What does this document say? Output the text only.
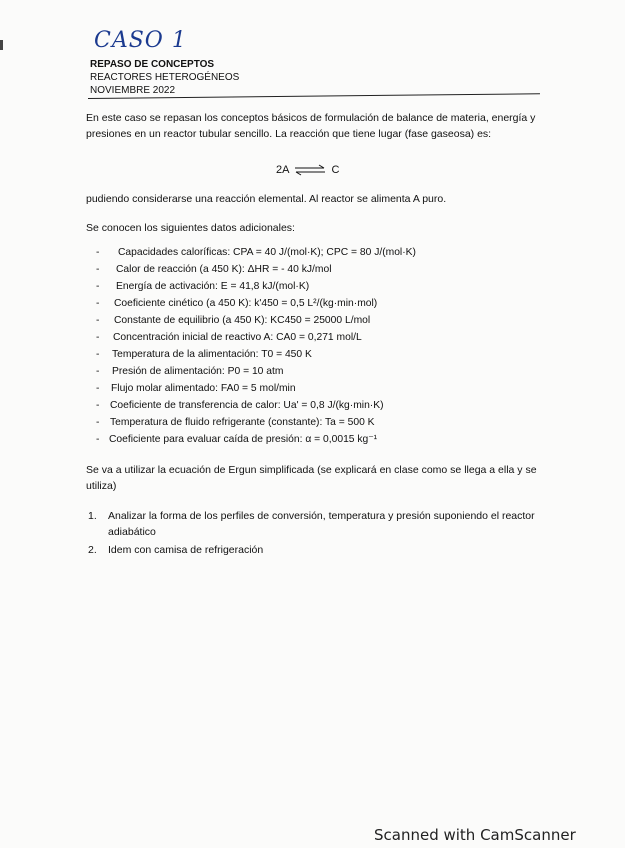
CASO 1
REPASO DE CONCEPTOS
REACTORES HETEROGÉNEOS
NOVIEMBRE 2022

En este caso se repasan los conceptos básicos de formulación de balance de materia, energía y presiones en un reactor tubular sencillo. La reacción que tiene lugar (fase gaseosa) es:

2A ⇌ C

pudiendo considerarse una reacción elemental. Al reactor se alimenta A puro.

Se conocen los siguientes datos adicionales:

-	Capacidades caloríficas: CPA = 40 J/(mol·K); CPC = 80 J/(mol·K)
-	Calor de reacción (a 450 K): ΔHR = - 40 kJ/mol
-	Energía de activación: E = 41,8 kJ/(mol·K)
-	Coeficiente cinético (a 450 K): k'450 = 0,5 L²/(kg·min·mol)
-	Constante de equilibrio (a 450 K): KC450 = 25000 L/mol
-	Concentración inicial de reactivo A: CA0 = 0,271 mol/L
-	Temperatura de la alimentación: T0 = 450 K
-	Presión de alimentación: P0 = 10 atm
-	Flujo molar alimentado: FA0 = 5 mol/min
-	Coeficiente de transferencia de calor: Ua' = 0,8 J/(kg·min·K)
-	Temperatura de fluido refrigerante (constante): Ta = 500 K
- Coeficiente para evaluar caída de presión: α = 0,0015 kg⁻¹

Se va a utilizar la ecuación de Ergun simplificada (se explicará en clase como se llega a ella y se utiliza)

1.	Analizar la forma de los perfiles de conversión, temperatura y presión suponiendo el reactor adiabático
2.	Idem con camisa de refrigeración
Scanned with CamScanner
